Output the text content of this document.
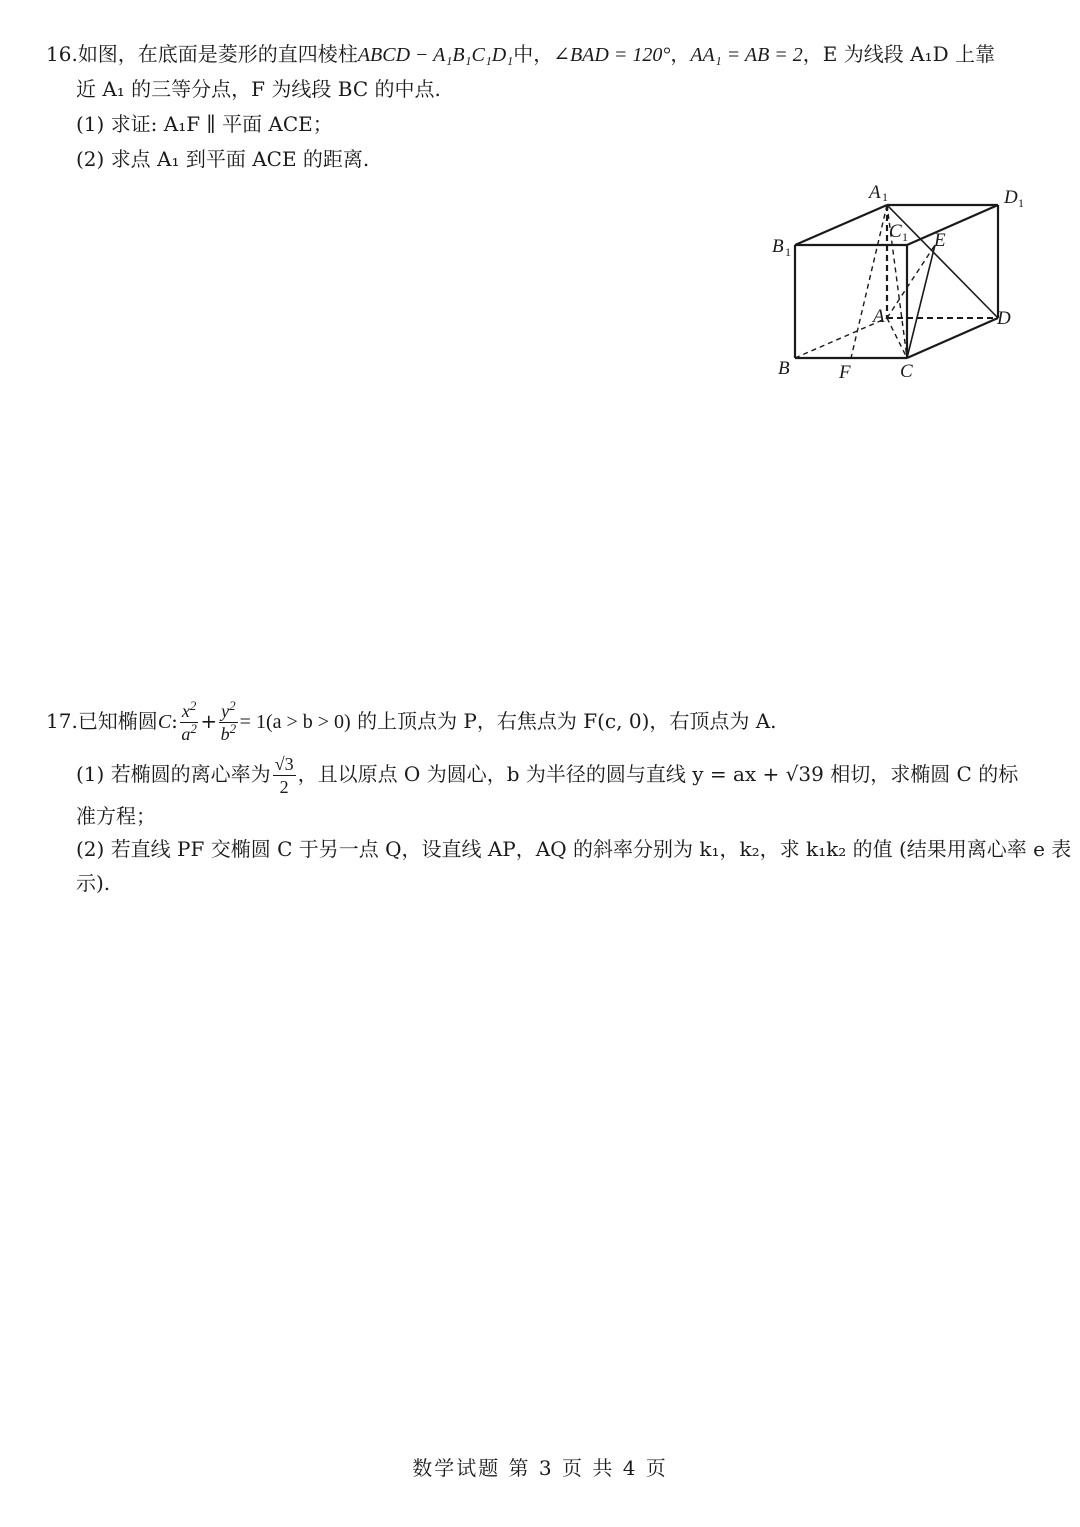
16.如图，在底面是菱形的直四棱柱ABCD − A₁B₁C₁D₁中，∠BAD = 120°，AA₁ = AB = 2，E 为线段 A₁D 上靠
近 A₁ 的三等分点，F 为线段 BC 的中点.
(1) 求证: A₁F ∥ 平面 ACE；
(2) 求点 A₁ 到平面 ACE 的距离.
A 1	D 1
B 1
C 1 E
A	D
B	F	C
17.已知椭圆C: $\frac{x^2}{a^2} + \frac{y^2}{b^2} = 1(a > b > 0)$ 的上顶点为 P，右焦点为 F(c, 0)，右顶点为 A.
(1) 若椭圆的离心率为 $\frac{√3}{2}$ ，且以原点 O 为圆心，b 为半径的圆与直线 y = ax + √39 相切，求椭圆 C 的标
准方程；
(2) 若直线 PF 交椭圆 C 于另一点 Q，设直线 AP，AQ 的斜率分别为 k₁，k₂，求 k₁k₂ 的值 (结果用离心率 e 表
示).
数学试题 第 3 页 共 4 页
